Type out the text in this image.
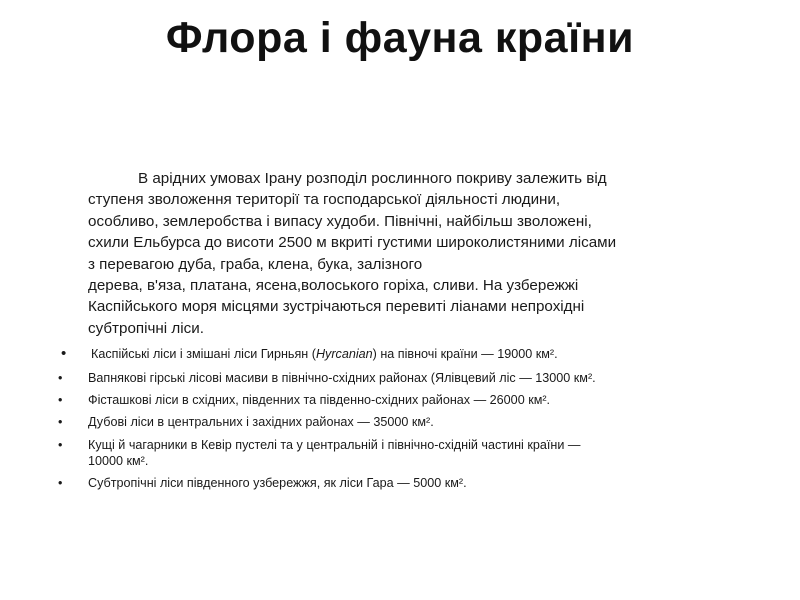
Флора і фауна країни

В арідних умовах Ірану розподіл рослинного покриву залежить від
ступеня зволоження території та господарської діяльності людини,
особливо, землеробства і випасу худоби. Північні, найбільш зволожені,
схили Ельбурса до висоти 2500 м вкриті густими широколистяними лісами
з перевагою дуба, граба, клена, бука, залізного
дерева, в'яза, платана, ясена,волоського горіха, сливи. На узбережжі
Каспійського моря місцями зустрічаються перевиті ліанами непрохідні
субтропічні ліси.

•	Каспійські ліси і змішані ліси Гирньян (Hyrcanian) на півночі країни — 19000 км².
•	Вапнякові гірські лісові масиви в північно-східних районах (Ялівцевий ліс — 13000 км².
•	Фісташкові ліси в східних, південних та південно-східних районах — 26000 км².
•	Дубові ліси в центральних і західних районах — 35000 км².
•	Кущі й чагарники в Кевір пустелі та у центральній і північно-східній частині країни —
10000 км².
•	Субтропічні ліси південного узбережжя, як ліси Гара — 5000 км².
